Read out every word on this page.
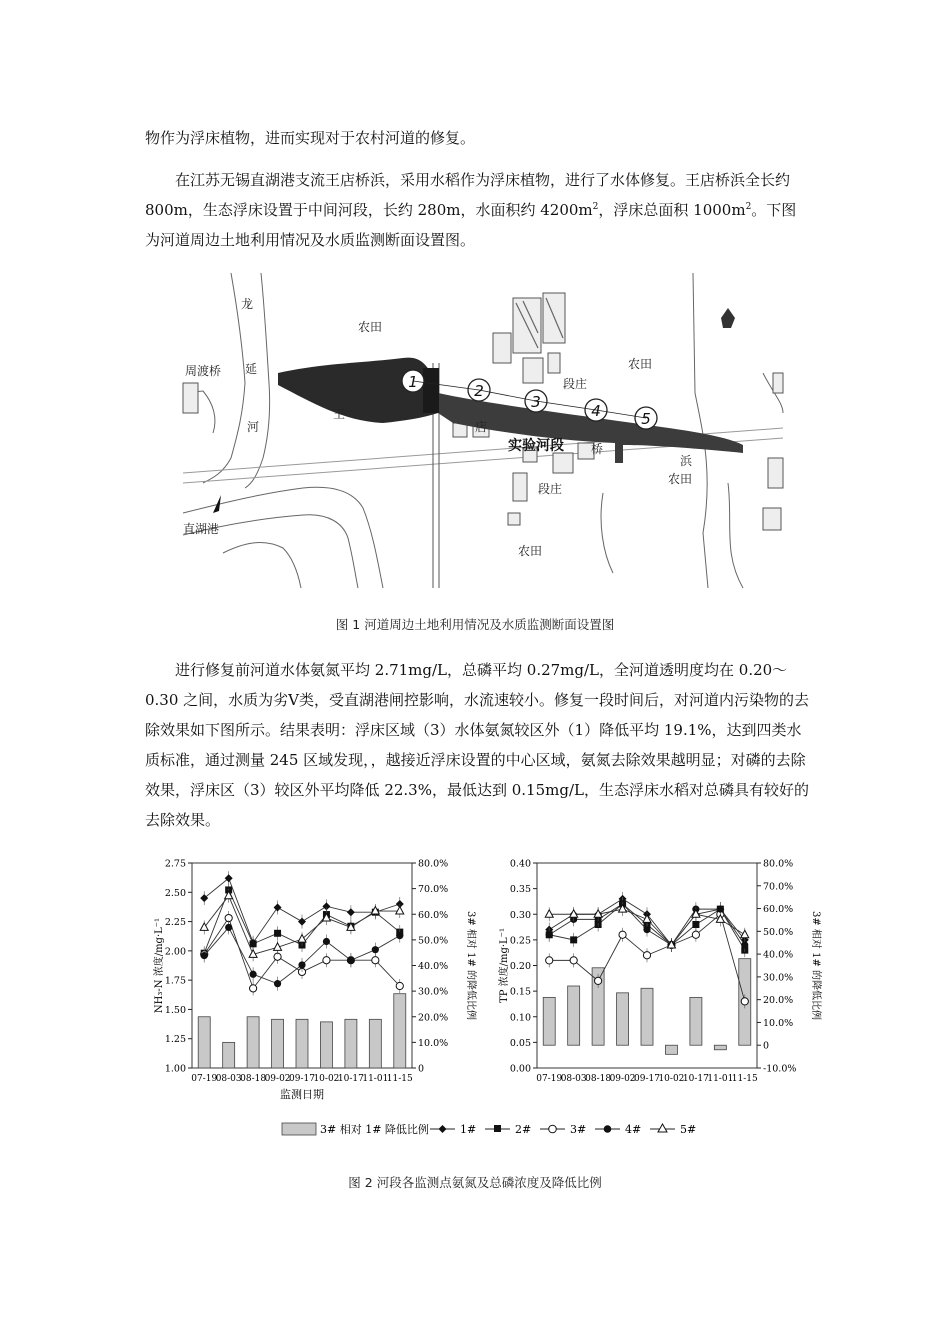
物作为浮床植物，进而实现对于农村河道的修复。
在江苏无锡直湖港支流王店桥浜，采用水稻作为浮床植物，进行了水体修复。王店桥浜全长约 800m，生态浮床设置于中间河段，长约 280m，水面积约 $4200m^2$，浮床总面积 $1000m^2$。下图为河道周边土地利用情况及水质监测断面设置图。
1	2
3	4	5
龙
延
河
周渡桥
王
店
桥
浜
农田
农田
农田
农田
段庄
段庄
直湖港
实验河段
图 1 河道周边土地利用情况及水质监测断面设置图
进行修复前河道水体氨氮平均 2.71mg/L，总磷平均 0.27mg/L，全河道透明度均在 0.20～0.30 之间，水质为劣Ⅴ类，受直湖港闸控影响，水流速较小。修复一段时间后，对河道内污染物的去除效果如下图所示。结果表明：浮床区域（3）水体氨氮较区外（1）降低平均 19.1%，达到四类水质标准，通过测量 245 区域发现，，越接近浮床设置的中心区域，氨氮去除效果越明显；对磷的去除效果，浮床区（3）较区外平均降低 22.3%，最低达到 0.15mg/L，生态浮床水稻对总磷具有较好的去除效果。
1.00
1.25
1.50
1.75
2.00
2.25
2.50
2.75
0
10.0%
20.0%
30.0%
40.0%
50.0%
60.0%
70.0%
80.0%
07-19
08-03
08-18
09-02
09-17
10-02
10-17
11-01
11-15
监测日期
NH₃-N 浓度/mg·L⁻¹	3# 相对 1# 的降低比例
0.00
0.05
0.10
0.15
0.20
0.25
0.30
0.35
0.40
-10.0%
0
10.0%
20.0%
30.0%
40.0%
50.0%
60.0%
70.0%
80.0%
07-19
08-03
08-18
09-02
09-17
10-02
10-17
11-01
11-15
TP 浓度/mg·L⁻¹	3# 相对 1# 的降低比例
3# 相对 1# 降低比例	1#	2#	3#	4#	5#
图 2 河段各监测点氨氮及总磷浓度及降低比例
